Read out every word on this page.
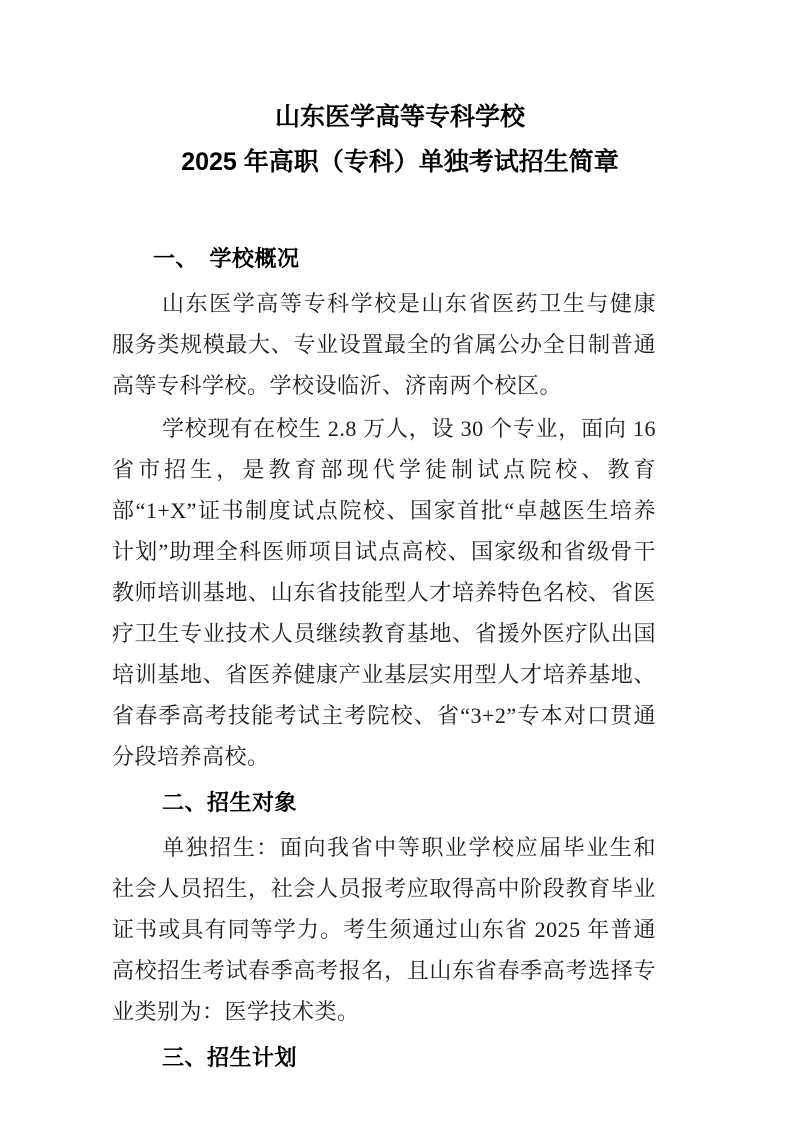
山东医学高等专科学校
2025 年高职（专科）单独考试招生简章
一、　学校概况

山东医学高等专科学校是山东省医药卫生与健康服务类规模最大、专业设置最全的省属公办全日制普通高等专科学校。学校设临沂、济南两个校区。

学校现有在校生 2.8 万人，设 30 个专业，面向 16 省市招生，是教育部现代学徒制试点院校、教育部“1+X”证书制度试点院校、国家首批“卓越医生培养计划”助理全科医师项目试点高校、国家级和省级骨干教师培训基地、山东省技能型人才培养特色名校、省医疗卫生专业技术人员继续教育基地、省援外医疗队出国培训基地、省医养健康产业基层实用型人才培养基地、省春季高考技能考试主考院校、省“3+2”专本对口贯通分段培养高校。

二、招生对象

单独招生：面向我省中等职业学校应届毕业生和社会人员招生，社会人员报考应取得高中阶段教育毕业证书或具有同等学力。考生须通过山东省 2025 年普通高校招生考试春季高考报名，且山东省春季高考选择专业类别为：医学技术类。

三、招生计划
